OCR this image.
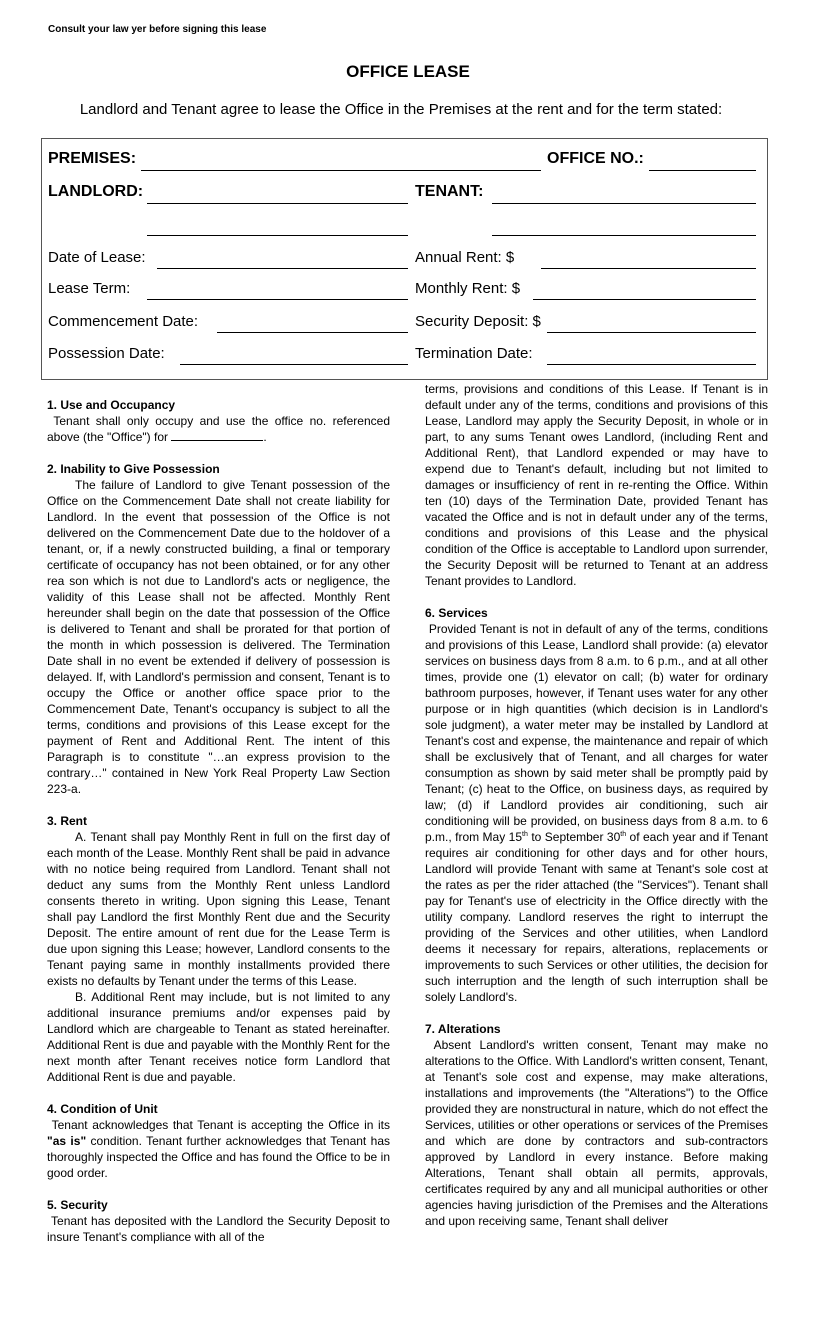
Consult your law yer before signing this lease
OFFICE LEASE
Landlord and Tenant agree to lease the Office in the Premises at the rent and for the term stated:
PREMISES:	OFFICE NO.:
LANDLORD:	TENANT:
Date of Lease:	Annual Rent: $
Lease Term:	Monthly Rent: $
Commencement Date:	Security Deposit: $
Possession Date:	Termination Date:

1. Use and Occupancy

Tenant shall only occupy and use the office no. referenced above (the "Office") for	.

2. Inability to Give Possession

The failure of Landlord to give Tenant possession of the Office on the Commencement Date shall not create liability for Landlord. In the event that possession of the Office is not delivered on the Commencement Date due to the holdover of a tenant, or, if a newly constructed building, a final or temporary certificate of occupancy has not been obtained, or for any other rea son which is not due to Landlord's acts or negligence, the validity of this Lease shall not be affected. Monthly Rent hereunder shall begin on the date that possession of the Office is delivered to Tenant and shall be prorated for that portion of the month in which possession is delivered. The Termination Date shall in no event be extended if delivery of possession is delayed. If, with Landlord's permission and consent, Tenant is to occupy the Office or another office space prior to the Commencement Date, Tenant's occupancy is subject to all the terms, conditions and provisions of this Lease except for the payment of Rent and Additional Rent. The intent of this Paragraph is to constitute "…an express provision to the contrary…" contained in New York Real Property Law Section 223-a.

3. Rent

A. Tenant shall pay Monthly Rent in full on the first day of each month of the Lease. Monthly Rent shall be paid in advance with no notice being required from Landlord. Tenant shall not deduct any sums from the Monthly Rent unless Landlord consents thereto in writing. Upon signing this Lease, Tenant shall pay Landlord the first Monthly Rent due and the Security Deposit. The entire amount of rent due for the Lease Term is due upon signing this Lease; however, Landlord consents to the Tenant paying same in monthly installments provided there exists no defaults by Tenant under the terms of this Lease.

B. Additional Rent may include, but is not limited to any additional insurance premiums and/or expenses paid by Landlord which are chargeable to Tenant as stated hereinafter. Additional Rent is due and payable with the Monthly Rent for the next month after Tenant receives notice form Landlord that Additional Rent is due and payable.

4. Condition of Unit

Tenant acknowledges that Tenant is accepting the Office in its "as is" condition. Tenant further acknowledges that Tenant has thoroughly inspected the Office and has found the Office to be in good order.

5. Security

Tenant has deposited with the Landlord the Security Deposit to insure Tenant's compliance with all of the

terms, provisions and conditions of this Lease. If Tenant is in default under any of the terms, conditions and provisions of this Lease, Landlord may apply the Security Deposit, in whole or in part, to any sums Tenant owes Landlord, (including Rent and Additional Rent), that Landlord expended or may have to expend due to Tenant's default, including but not limited to damages or insufficiency of rent in re-renting the Office. Within ten (10) days of the Termination Date, provided Tenant has vacated the Office and is not in default under any of the terms, conditions and provisions of this Lease and the physical condition of the Office is acceptable to Landlord upon surrender, the Security Deposit will be returned to Tenant at an address Tenant provides to Landlord.

6. Services

Provided Tenant is not in default of any of the terms, conditions and provisions of this Lease, Landlord shall provide: (a) elevator services on business days from 8 a.m. to 6 p.m., and at all other times, provide one (1) elevator on call; (b) water for ordinary bathroom purposes, however, if Tenant uses water for any other purpose or in high quantities (which decision is in Landlord's sole judgment), a water meter may be installed by Landlord at Tenant's cost and expense, the maintenance and repair of which shall be exclusively that of Tenant, and all charges for water consumption as shown by said meter shall be promptly paid by Tenant; (c) heat to the Office, on business days, as required by law; (d) if Landlord provides air conditioning, such air conditioning will be provided, on business days from 8 a.m. to 6 p.m., from May 15th to September 30th of each year and if Tenant requires air conditioning for other days and for other hours, Landlord will provide Tenant with same at Tenant's sole cost at the rates as per the rider attached (the "Services"). Tenant shall pay for Tenant's use of electricity in the Office directly with the utility company. Landlord reserves the right to interrupt the providing of the Services and other utilities, when Landlord deems it necessary for repairs, alterations, replacements or improvements to such Services or other utilities, the decision for such interruption and the length of such interruption shall be solely Landlord's.

7. Alterations

Absent Landlord's written consent, Tenant may make no alterations to the Office. With Landlord's written consent, Tenant, at Tenant's sole cost and expense, may make alterations, installations and improvements (the "Alterations") to the Office provided they are nonstructural in nature, which do not effect the Services, utilities or other operations or services of the Premises and which are done by contractors and sub-contractors approved by Landlord in every instance. Before making Alterations, Tenant shall obtain all permits, approvals, certificates required by any and all municipal authorities or other agencies having jurisdiction of the Premises and the Alterations and upon receiving same, Tenant shall deliver
